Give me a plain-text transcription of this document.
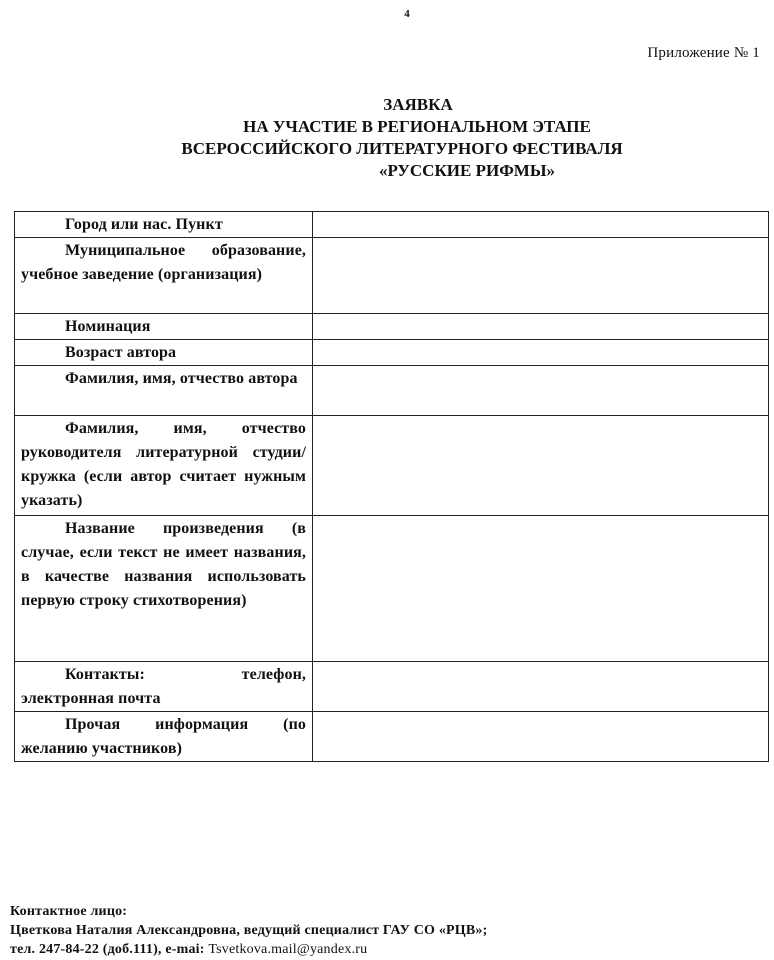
4
Приложение № 1
ЗАЯВКА
НА УЧАСТИЕ В РЕГИОНАЛЬНОМ ЭТАПЕ
ВСЕРОССИЙСКОГО ЛИТЕРАТУРНОГО ФЕСТИВАЛЯ
«РУССКИЕ РИФМЫ»
Город или нас. Пункт	

Муниципальное образование, учебное заведение (организация)	

Номинация	

Возраст автора	

Фамилия, имя, отчество автора	

Фамилия, имя, отчество руководителя литературной студии/кружка (если автор считает нужным указать)	

Название произведения (в случае, если текст не имеет названия, в качестве названия использовать первую строку стихотворения)	

Контакты: телефон, электронная почта	

Прочая информация (по желанию участников)	

Контактное лицо:
Цветкова Наталия Александровна, ведущий специалист ГАУ СО «РЦВ»;
тел. 247-84-22 (доб.111), e-mai: Tsvetkova.mail@yandex.ru
